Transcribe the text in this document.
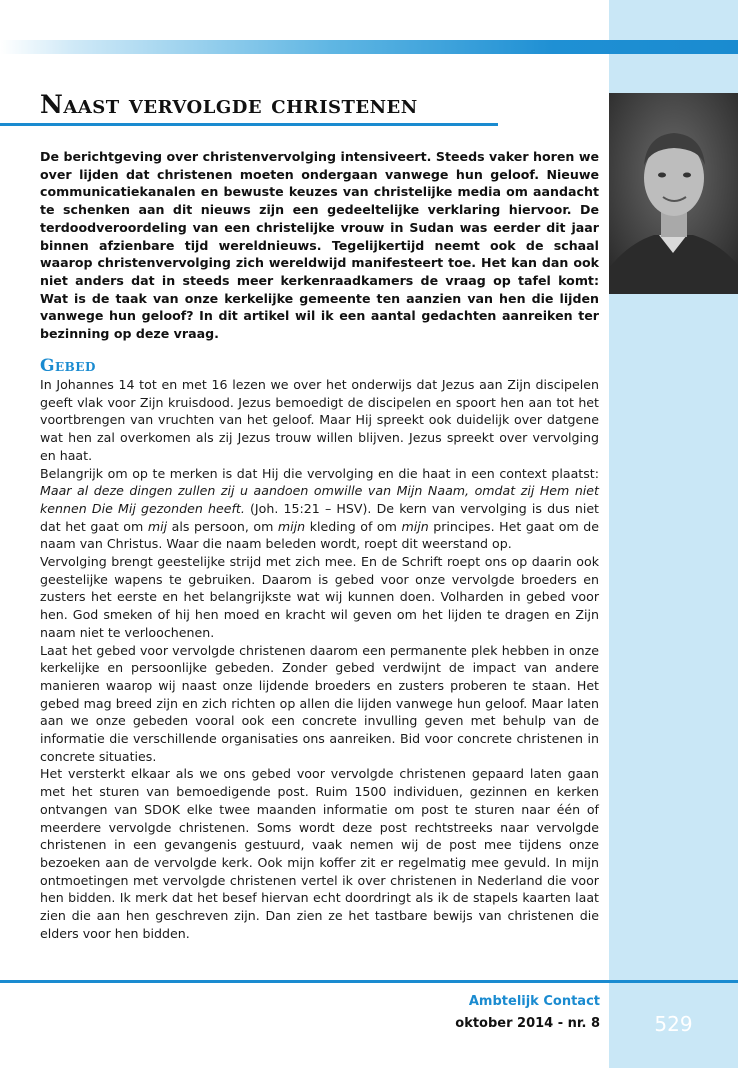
Naast vervolgde christenen

De berichtgeving over christenvervolging intensiveert. Steeds vaker horen we over lijden dat christenen moeten ondergaan vanwege hun geloof. Nieuwe communicatiekanalen en bewuste keuzes van christelijke media om aandacht te schenken aan dit nieuws zijn een gedeeltelijke verklaring hiervoor. De terdoodveroordeling van een christelijke vrouw in Sudan was eerder dit jaar binnen afzienbare tijd wereldnieuws. Tegelijkertijd neemt ook de schaal waarop christenvervolging zich wereldwijd manifesteert toe. Het kan dan ook niet anders dat in steeds meer kerkenraadkamers de vraag op tafel komt: Wat is de taak van onze kerkelijke gemeente ten aanzien van hen die lijden vanwege hun geloof? In dit artikel wil ik een aantal gedachten aanreiken ter bezinning op deze vraag.

Gebed

In Johannes 14 tot en met 16 lezen we over het onderwijs dat Jezus aan Zijn discipelen geeft vlak voor Zijn kruisdood. Jezus bemoedigt de discipelen en spoort hen aan tot het voortbrengen van vruchten van het geloof. Maar Hij spreekt ook duidelijk over datgene wat hen zal overkomen als zij Jezus trouw willen blijven. Jezus spreekt over vervolging en haat.

Belangrijk om op te merken is dat Hij die vervolging en die haat in een context plaatst: Maar al deze dingen zullen zij u aandoen omwille van Mijn Naam, omdat zij Hem niet kennen Die Mij gezonden heeft. (Joh. 15:21 – HSV). De kern van vervolging is dus niet dat het gaat om mij als persoon, om mijn kleding of om mijn principes. Het gaat om de naam van Christus. Waar die naam beleden wordt, roept dit weerstand op.

Vervolging brengt geestelijke strijd met zich mee. En de Schrift roept ons op daarin ook geestelijke wapens te gebruiken. Daarom is gebed voor onze vervolgde broeders en zusters het eerste en het belangrijkste wat wij kunnen doen. Volharden in gebed voor hen. God smeken of hij hen moed en kracht wil geven om het lijden te dragen en Zijn naam niet te verloochenen.

Laat het gebed voor vervolgde christenen daarom een permanente plek hebben in onze kerkelijke en persoonlijke gebeden. Zonder gebed verdwijnt de impact van andere manieren waarop wij naast onze lijdende broeders en zusters proberen te staan. Het gebed mag breed zijn en zich richten op allen die lijden vanwege hun geloof. Maar laten aan we onze gebeden vooral ook een concrete invulling geven met behulp van de informatie die verschillende organisaties ons aanreiken. Bid voor concrete christenen in concrete situaties.

Het versterkt elkaar als we ons gebed voor vervolgde christenen gepaard laten gaan met het sturen van bemoedigende post. Ruim 1500 individuen, gezinnen en kerken ontvangen van SDOK elke twee maanden informatie om post te sturen naar één of meerdere vervolgde christenen. Soms wordt deze post rechtstreeks naar vervolgde christenen in een gevangenis gestuurd, vaak nemen wij de post mee tijdens onze bezoeken aan de vervolgde kerk. Ook mijn koffer zit er regelmatig mee gevuld. In mijn ontmoetingen met vervolgde christenen vertel ik over christenen in Nederland die voor hen bidden. Ik merk dat het besef hiervan echt doordringt als ik de stapels kaarten laat zien die aan hen geschreven zijn. Dan zien ze het tastbare bewijs van christenen die elders voor hen bidden.

Ambtelijk Contact
oktober 2014 - nr. 8	529
